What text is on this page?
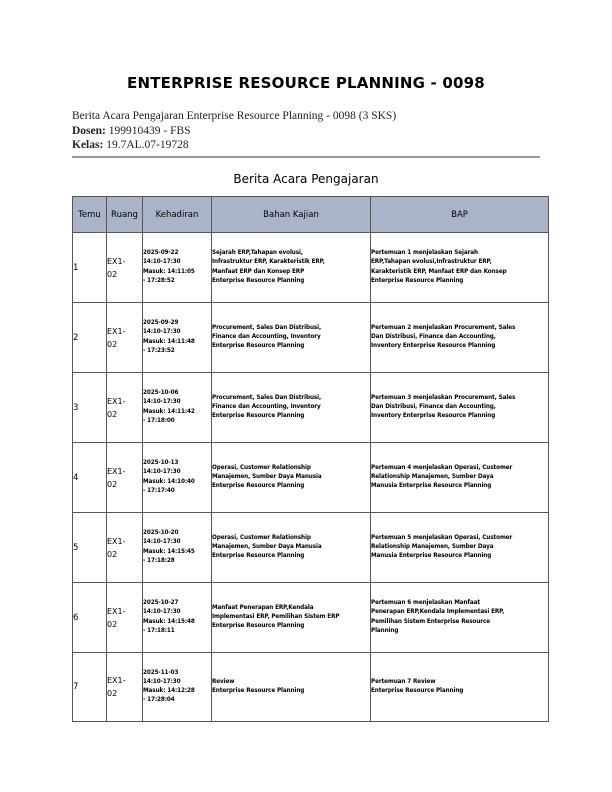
ENTERPRISE RESOURCE PLANNING - 0098
Berita Acara Pengajaran Enterprise Resource Planning - 0098 (3 SKS)
Dosen: 199910439 - FBS
Kelas: 19.7AL.07-19728
Berita Acara Pengajaran
Temu	Ruang	Kehadiran	Bahan Kajian	BAP
1	EX1-
02	2025-09-22
14:10-17:30
Masuk: 14:11:05
- 17:28:52	Sejarah ERP,Tahapan evolusi,
Infrastruktur ERP, Karakteristik ERP,
Manfaat ERP dan Konsep ERP
Enterprise Resource Planning	Pertemuan 1 menjelaskan Sejarah
ERP,Tahapan evolusi,Infrastruktur ERP,
Karakteristik ERP, Manfaat ERP dan Konsep
Enterprise Resource Planning

2	EX1-
02	2025-09-29
14:10-17:30
Masuk: 14:11:48
- 17:23:52	Procurement, Sales Dan Distribusi,
Finance dan Accounting, Inventory
Enterprise Resource Planning	Pertemuan 2 menjelaskan Procurement, Sales
Dan Distribusi, Finance dan Accounting,
Inventory Enterprise Resource Planning

3	EX1-
02	2025-10-06
14:10-17:30
Masuk: 14:11:42
- 17:18:00	Procurement, Sales Dan Distribusi,
Finance dan Accounting, Inventory
Enterprise Resource Planning	Pertemuan 3 menjelaskan Procurement, Sales
Dan Distribusi, Finance dan Accounting,
Inventory Enterprise Resource Planning

4	EX1-
02	2025-10-13
14:10-17:30
Masuk: 14:10:40
- 17:17:40	Operasi, Customer Relationship
Manajemen, Sumber Daya Manusia
Enterprise Resource Planning	Pertemuan 4 menjelaskan Operasi, Customer
Relationship Manajemen, Sumber Daya
Manusia Enterprise Resource Planning

5	EX1-
02	2025-10-20
14:10-17:30
Masuk: 14:15:45
- 17:18:28	Operasi, Customer Relationship
Manajemen, Sumber Daya Manusia
Enterprise Resource Planning	Pertemuan 5 menjelaskan Operasi, Customer
Relationship Manajemen, Sumber Daya
Manusia Enterprise Resource Planning

6	EX1-
02	2025-10-27
14:10-17:30
Masuk: 14:15:48
- 17:18:11	Manfaat Penerapan ERP,Kendala
Implementasi ERP, Pemilihan Sistem ERP
Enterprise Resource Planning	Pertemuan 6 menjelaskan Manfaat
Penerapan ERP,Kendala Implementasi ERP,
Pemilihan Sistem Enterprise Resource
Planning

7	EX1-
02	2025-11-03
14:10-17:30
Masuk: 14:12:28
- 17:28:04	Review
Enterprise Resource Planning	Pertemuan 7 Review
Enterprise Resource Planning
